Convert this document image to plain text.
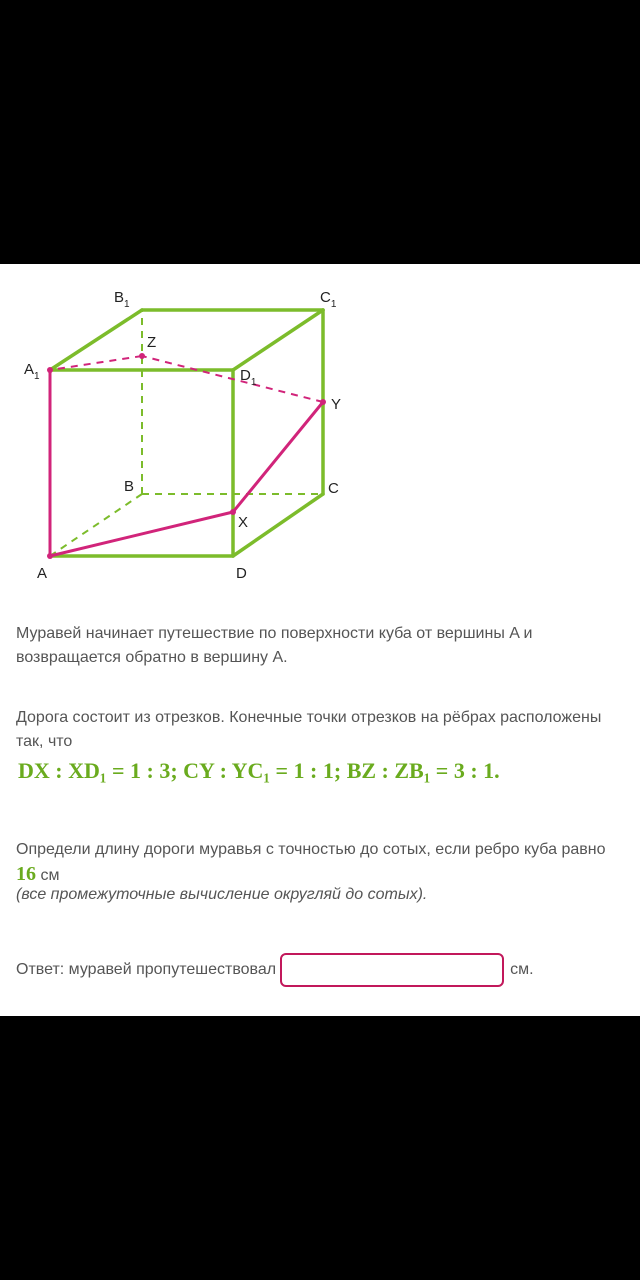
$B_1$	$C_1$
$A_1$	$D_1$
Z
Y
B	C
X
A	D
Муравей начинает путешествие по поверхности куба от вершины A и возвращается обратно в вершину A.
Дорога состоит из отрезков. Конечные точки отрезков на рёбрах расположены так, что
DX : XD₁ = 1 : 3; CY : YC₁ = 1 : 1; BZ : ZB₁ = 3 : 1.
Определи длину дороги муравья с точностью до сотых, если ребро куба равно 16 см
(все промежуточные вычисление округляй до сотых).
Ответ: муравей пропутешествовал	см.
